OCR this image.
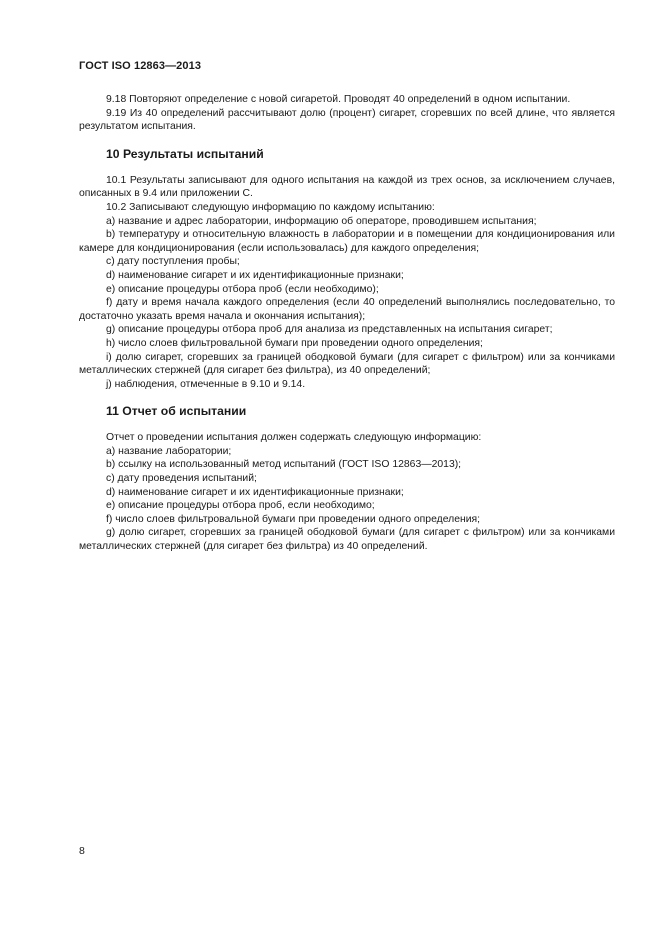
ГОСТ ISO 12863—2013

9.18 Повторяют определение с новой сигаретой. Проводят 40 определений в одном испытании.

9.19 Из 40 определений рассчитывают долю (процент) сигарет, сгоревших по всей длине, что является результатом испытания.

10 Результаты испытаний

10.1 Результаты записывают для одного испытания на каждой из трех основ, за исключением случаев, описанных в 9.4 или приложении С.

10.2 Записывают следующую информацию по каждому испытанию:

a) название и адрес лаборатории, информацию об операторе, проводившем испытания;

b) температуру и относительную влажность в лаборатории и в помещении для кондиционирования или камере для кондиционирования (если использовалась) для каждого определения;

c) дату поступления пробы;

d) наименование сигарет и их идентификационные признаки;

e) описание процедуры отбора проб (если необходимо);

f) дату и время начала каждого определения (если 40 определений выполнялись последовательно, то достаточно указать время начала и окончания испытания);

g) описание процедуры отбора проб для анализа из представленных на испытания сигарет;

h) число слоев фильтровальной бумаги при проведении одного определения;

i) долю сигарет, сгоревших за границей ободковой бумаги (для сигарет с фильтром) или за кончиками металлических стержней (для сигарет без фильтра), из 40 определений;

j) наблюдения, отмеченные в 9.10 и 9.14.

11 Отчет об испытании

Отчет о проведении испытания должен содержать следующую информацию:

a) название лаборатории;

b) ссылку на использованный метод испытаний (ГОСТ ISO 12863—2013);

c) дату проведения испытаний;

d) наименование сигарет и их идентификационные признаки;

e) описание процедуры отбора проб, если необходимо;

f) число слоев фильтровальной бумаги при проведении одного определения;

g) долю сигарет, сгоревших за границей ободковой бумаги (для сигарет с фильтром) или за кончиками металлических стержней (для сигарет без фильтра) из 40 определений.

8
